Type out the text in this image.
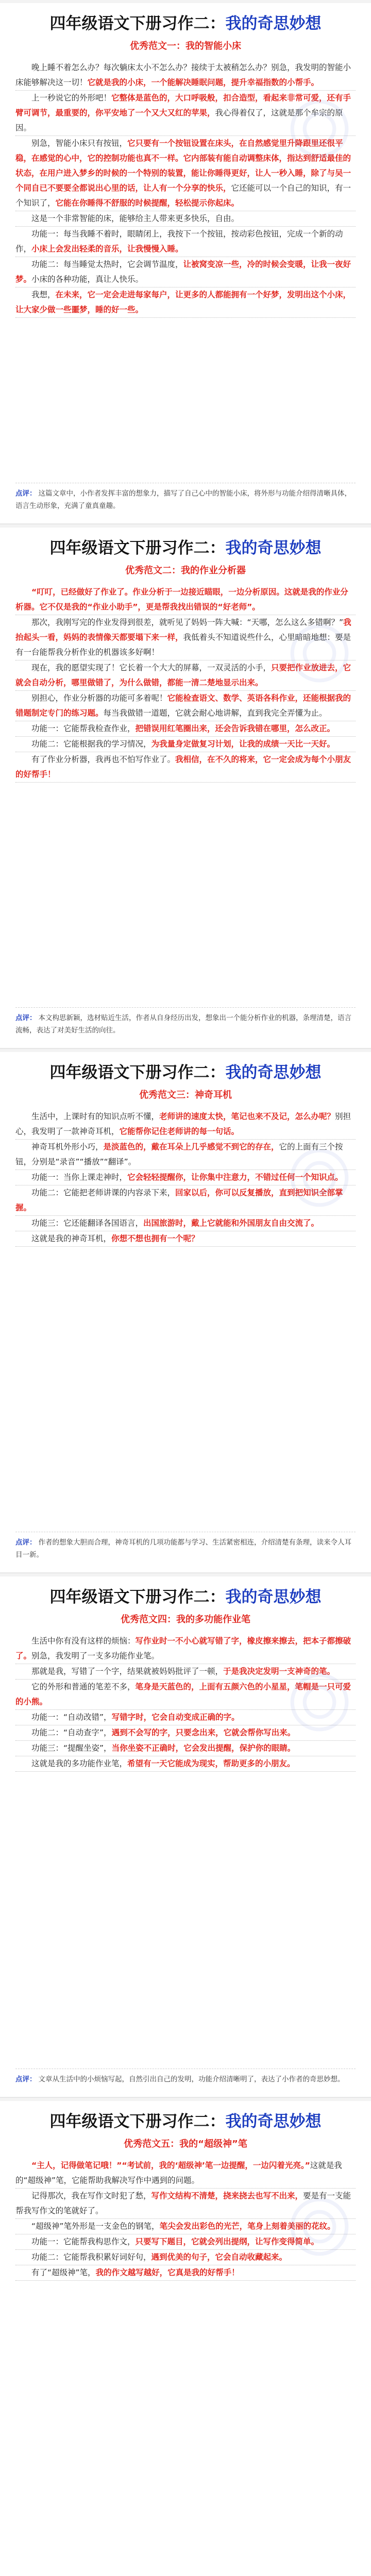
四年级语文下册习作二：我的奇思妙想
优秀范文一：我的智能小床

晚上睡不着怎么办？每次躺床太小不怎么办？接续于太被稍怎么办？别急，我发明的智能小床能够解决这一切！它就是我的小床，一个能解决睡眠问题，提升幸福指数的小帮手。

上一秒说它的外形吧！它整体是蓝色的，大口呼吸般，扣合造型，看起来非常可爱，还有手臂可调节，最重要的，你平安地了一个又大又红的苹果，我心得着仅了，这就是那个牟宗的原因。

别急，智能小床只有按钮，它只要有一个按钮设置在床头，在自然感觉里升降跟里还很平稳，在感觉的心中，它的控制功能也真不一样。它内部装有能自动调整床体，指达到舒适最佳的状态，在用户进入梦乡的时候的一个特别的装置，能让你睡得更好，让人一秒入睡，除了与吴一个同自已不要要全都说出心里的话，让人有一个分享的快乐，它还能可以一个自己的知识，有一个知识了，它能在你睡得不舒服的时候提醒，轻松提示你起床。

这是一个非常智能的床，能够给主人带来更多快乐，自由。

功能一：每当我睡不着时，眼睛闭上，我按下一个按钮，按动彩色按钮，完成一个新的动作，小床上会发出轻柔的音乐，让我慢慢入睡。

功能二：每当睡觉太热时，它会调节温度，让被窝变凉一些，冷的时候会变暖，让我一夜好梦。小床的各种功能，真让人快乐。

我想，在未来，它一定会走进每家每户，让更多的人都能拥有一个好梦，发明出这个小床，让大家少做一些噩梦，睡的好一些。

点评： 这篇文章中，小作者发挥丰富的想象力，描写了自己心中的智能小床，将外形与功能介绍得清晰具体，语言生动形象，充满了童真童趣。
四年级语文下册习作二：我的奇思妙想
优秀范文二：我的作业分析器

“叮叮，已经做好了作业了。作业分析于一边接近瞄眼，一边分析原因。这就是我的作业分析器。它不仅是我的“作业小助手”，更是帮我找出错误的“好老师”。

那次，我刚写完的作业发得到很差，就听见了妈妈一阵大喊：“天哪，怎么这么多错啊？”我抬起头一看，妈妈的表情像天都要塌下来一样，我低着头不知道说些什么，心里暗暗地想：要是有一台能帮我分析作业的机器该多好啊！

现在，我的愿望实现了！它长着一个大大的屏幕，一双灵活的小手，只要把作业放进去，它就会自动分析，哪里做错了，为什么做错，都能一清二楚地显示出来。

别担心，作业分析器的功能可多着呢！它能检查语文、数学、英语各科作业，还能根据我的错题制定专门的练习题。每当我做错一道题，它就会耐心地讲解，直到我完全弄懂为止。

功能一：它能帮我检查作业，把错误用红笔圈出来，还会告诉我错在哪里，怎么改正。

功能二：它能根据我的学习情况，为我量身定做复习计划，让我的成绩一天比一天好。

有了作业分析器，我再也不怕写作业了。我相信，在不久的将来，它一定会成为每个小朋友的好帮手！

点评： 本文构思新颖，选材贴近生活，作者从自身经历出发，想象出一个能分析作业的机器，条理清楚，语言流畅，表达了对美好生活的向往。
四年级语文下册习作二：我的奇思妙想
优秀范文三：神奇耳机

生活中，上课时有的知识点听不懂，老师讲的速度太快，笔记也来不及记，怎么办呢？别担心，我发明了一款神奇耳机，它能帮你记住老师讲的每一句话。

神奇耳机外形小巧，是淡蓝色的，戴在耳朵上几乎感觉不到它的存在，它的上面有三个按钮，分别是“录音”“播放”“翻译”。

功能一：当你上课走神时，它会轻轻提醒你，让你集中注意力，不错过任何一个知识点。

功能二：它能把老师讲课的内容录下来，回家以后，你可以反复播放，直到把知识全部掌握。

功能三：它还能翻译各国语言，出国旅游时，戴上它就能和外国朋友自由交流了。

这就是我的神奇耳机，你想不想也拥有一个呢？

点评： 作者的想象大胆而合理，神奇耳机的几项功能都与学习、生活紧密相连，介绍清楚有条理，读来令人耳目一新。
四年级语文下册习作二：我的奇思妙想
优秀范文四：我的多功能作业笔

生活中你有没有这样的烦恼：写作业时一不小心就写错了字，橡皮擦来擦去，把本子都擦破了。别急，我发明了一支多功能作业笔。

那就是我，写错了一个字，结果就被妈妈批评了一顿，于是我决定发明一支神奇的笔。

它的外形和普通的笔差不多，笔身是天蓝色的，上面有五颜六色的小星星，笔帽是一只可爱的小熊。

功能一：“自动改错”，写错字时，它会自动变成正确的字。

功能二：“自动查字”，遇到不会写的字，只要念出来，它就会帮你写出来。

功能三：“提醒坐姿”，当你坐姿不正确时，它会发出提醒，保护你的眼睛。

这就是我的多功能作业笔，希望有一天它能成为现实，帮助更多的小朋友。

点评： 文章从生活中的小烦恼写起，自然引出自己的发明，功能介绍清晰明了，表达了小作者的奇思妙想。
四年级语文下册习作二：我的奇思妙想
优秀范文五：我的“超级神”笔

“主人，记得做笔记哦！”“考试前，我的‘超级神’笔一边提醒，一边闪着光亮。”这就是我的“超级神”笔，它能帮助我解决写作中遇到的问题。

记得那次，我在写作文时犯了愁，写作文结构不清楚，挠来挠去也写不出来，要是有一支能帮我写作文的笔就好了。

“超级神”笔外形是一支金色的钢笔，笔尖会发出彩色的光芒，笔身上刻着美丽的花纹。

功能一：它能帮我构思作文，只要写下题目，它就会列出提纲，让写作变得简单。

功能二：它能帮我积累好词好句，遇到优美的句子，它会自动收藏起来。

有了“超级神”笔，我的作文越写越好，它真是我的好帮手！
